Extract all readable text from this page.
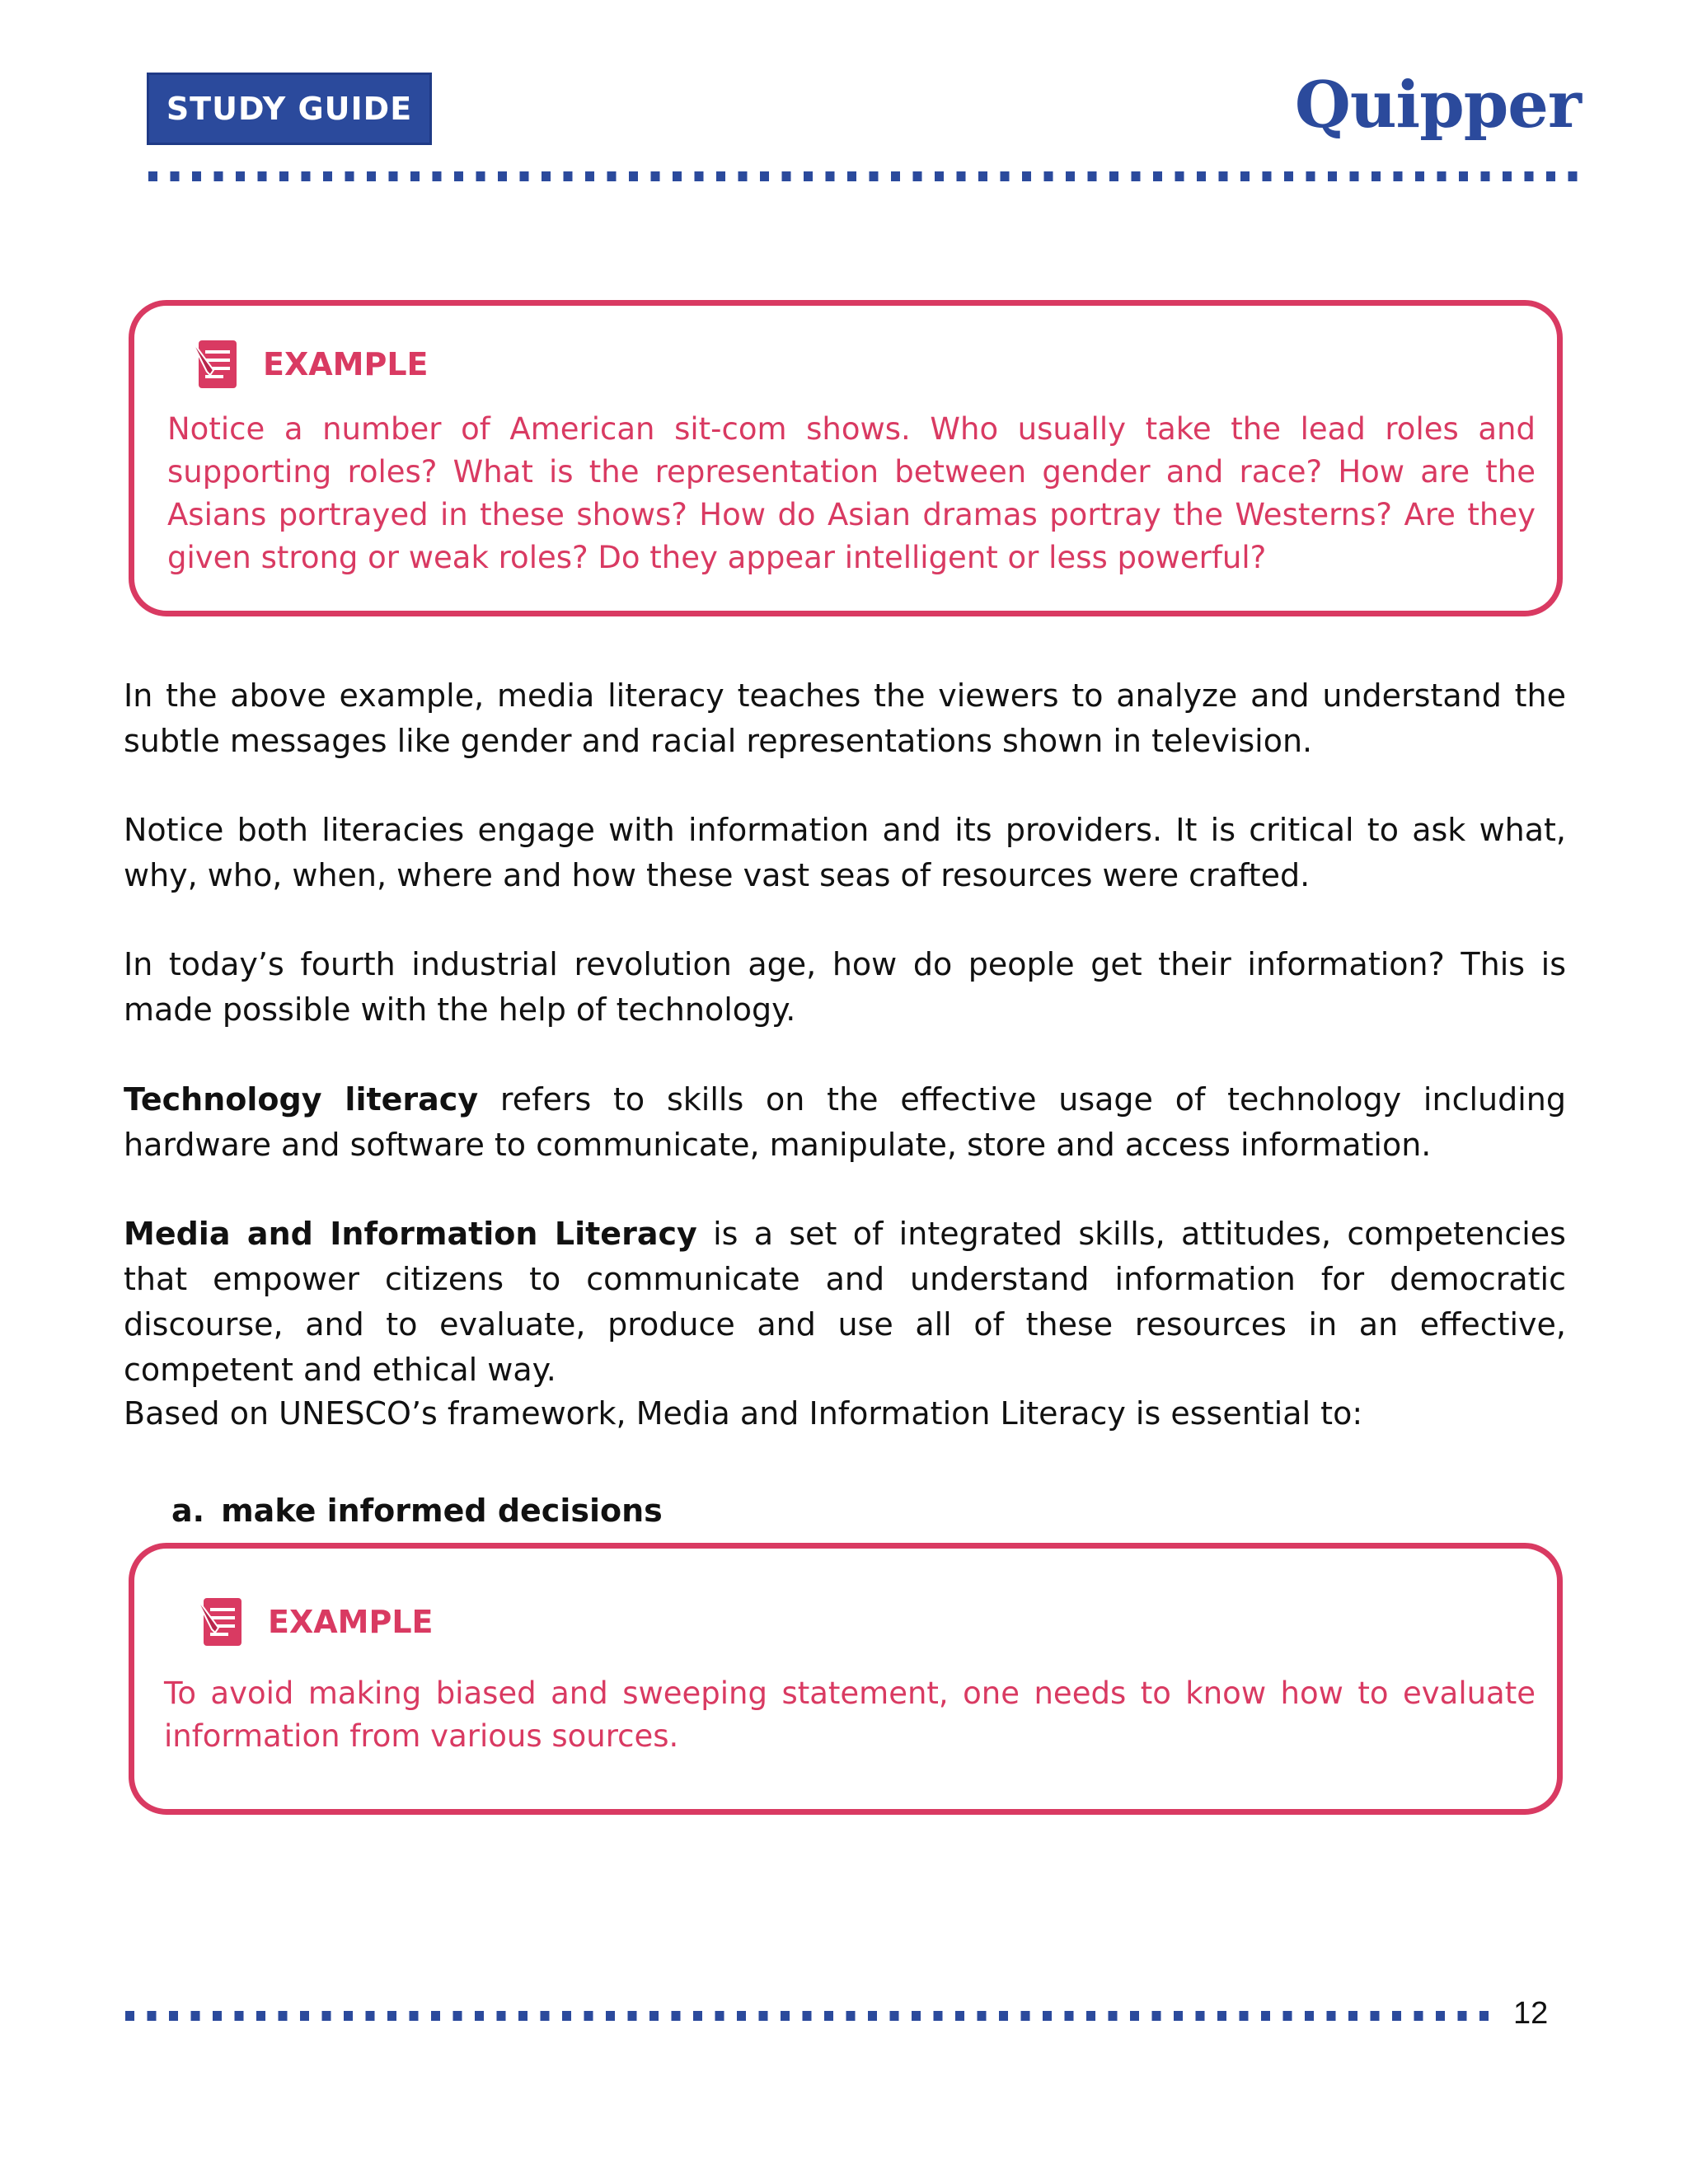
STUDY GUIDE	Quipper
EXAMPLE

Notice a number of American sit-com shows. Who usually take the lead roles and supporting roles? What is the representation between gender and race? How are the Asians portrayed in these shows? How do Asian dramas portray the Westerns? Are they given strong or weak roles? Do they appear intelligent or less powerful?

In the above example, media literacy teaches the viewers to analyze and understand the subtle messages like gender and racial representations shown in television.

Notice both literacies engage with information and its providers. It is critical to ask what, why, who, when, where and how these vast seas of resources were crafted.

In today’s fourth industrial revolution age, how do people get their information? This is made possible with the help of technology.

Technology literacy refers to skills on the effective usage of technology including hardware and software to communicate, manipulate, store and access information.

Media and Information Literacy is a set of integrated skills, attitudes, competencies that empower citizens to communicate and understand information for democratic discourse, and to evaluate, produce and use all of these resources in an effective, competent and ethical way.

Based on UNESCO’s framework, Media and Information Literacy is essential to:

a. make informed decisions
EXAMPLE

To avoid making biased and sweeping statement, one needs to know how to evaluate information from various sources.

12
